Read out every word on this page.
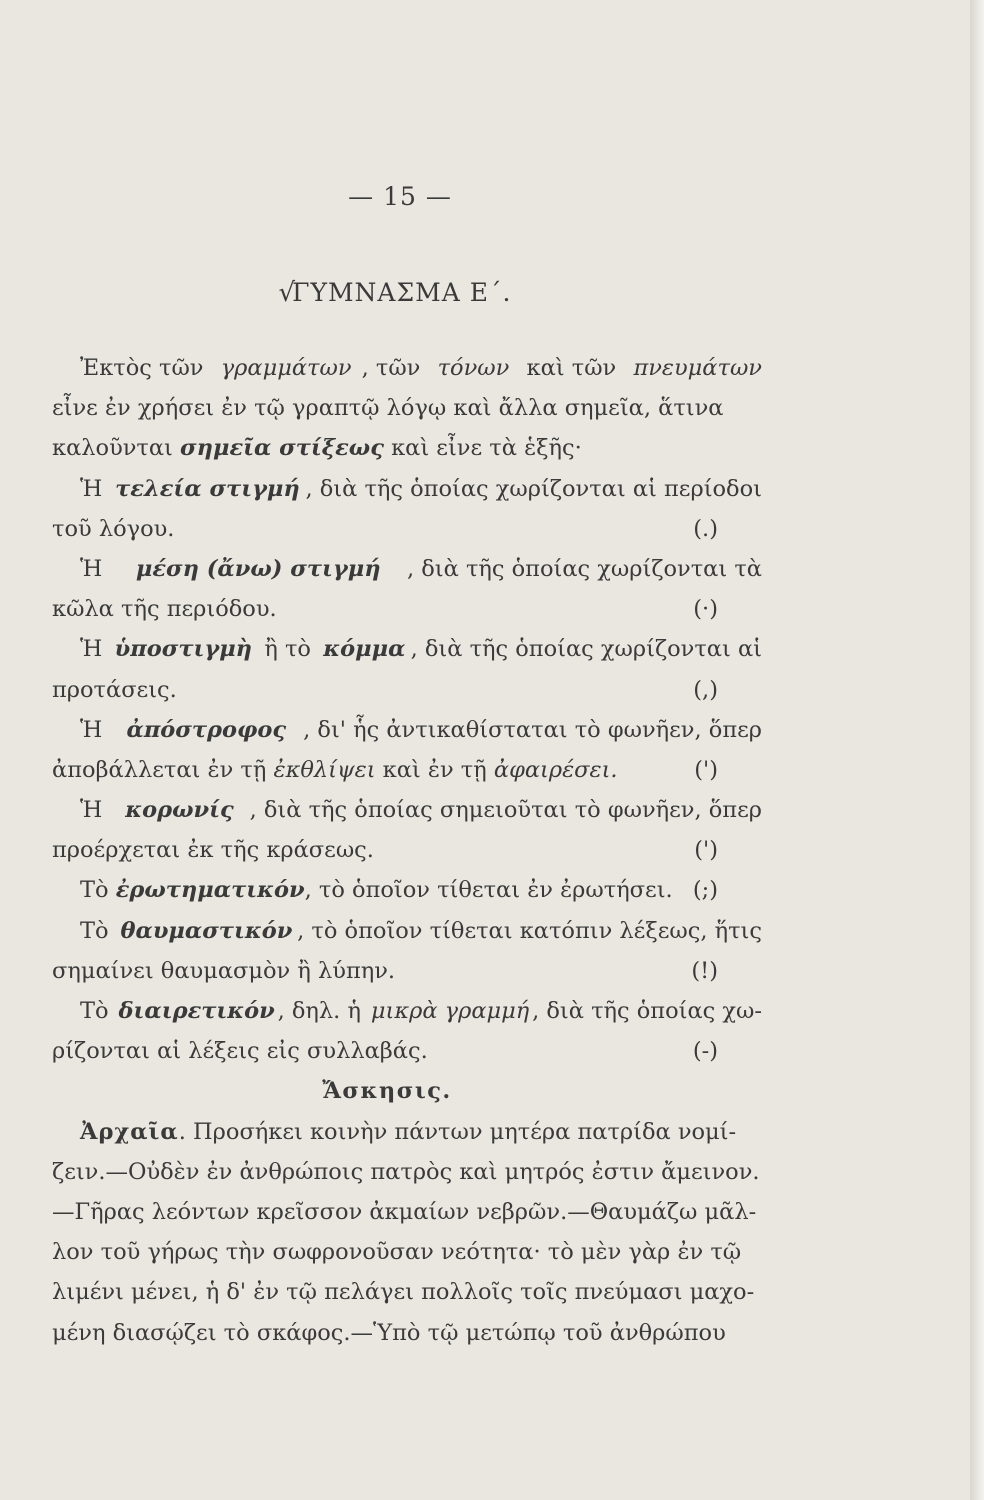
— 15 —
√ΓΥΜΝΑΣΜΑ Ε΄.
Ἐκτὸς τῶν γραμμάτων , τῶν τόνων καὶ τῶν πνευμάτων
εἶνε ἐν χρήσει ἐν τῷ γραπτῷ λόγῳ καὶ ἄλλα σημεῖα, ἅτινα
καλοῦνται σημεῖα στίξεως καὶ εἶνε τὰ ἑξῆς·
Ἡ τελεία στιγμή , διὰ τῆς ὁποίας χωρίζονται αἱ περίοδοι
τοῦ λόγου.	(.)
Ἡ μέση (ἄνω) στιγμή , διὰ τῆς ὁποίας χωρίζονται τὰ
κῶλα τῆς περιόδου.	(·)
Ἡ ὑποστιγμὴ ἢ τὸ κόμμα , διὰ τῆς ὁποίας χωρίζονται αἱ
προτάσεις.	(,)
Ἡ ἀπόστροφος , δι' ἧς ἀντικαθίσταται τὸ φωνῆεν, ὅπερ
ἀποβάλλεται ἐν τῇ ἐκθλίψει καὶ ἐν τῇ ἀφαιρέσει.	(')
Ἡ κορωνίς , διὰ τῆς ὁποίας σημειοῦται τὸ φωνῆεν, ὅπερ
προέρχεται ἐκ τῆς κράσεως.	(')
Τὸ ἐρωτηματικόν, τὸ ὁποῖον τίθεται ἐν ἐρωτήσει. (;)
Τὸ θαυμαστικόν , τὸ ὁποῖον τίθεται κατόπιν λέξεως, ἥτις
σημαίνει θαυμασμὸν ἢ λύπην.	(!)
Τὸ διαιρετικόν , δηλ. ἡ μικρὰ γραμμή , διὰ τῆς ὁποίας χω-
ρίζονται αἱ λέξεις εἰς συλλαβάς.	(-)
Ἄσκησις.
Ἀρχαῖα. Προσήκει κοινὴν πάντων μητέρα πατρίδα νομί-
ζειν.—Οὐδὲν ἐν ἀνθρώποις πατρὸς καὶ μητρός ἐστιν ἄμεινον.
—Γῆρας λεόντων κρεῖσσον ἀκμαίων νεβρῶν.—Θαυμάζω μᾶλ-
λον τοῦ γήρως τὴν σωφρονοῦσαν νεότητα· τὸ μὲν γὰρ ἐν τῷ
λιμένι μένει, ἡ δ' ἐν τῷ πελάγει πολλοῖς τοῖς πνεύμασι μαχο-
μένη διασῴζει τὸ σκάφος.—Ὑπὸ τῷ μετώπῳ τοῦ ἀνθρώπου
